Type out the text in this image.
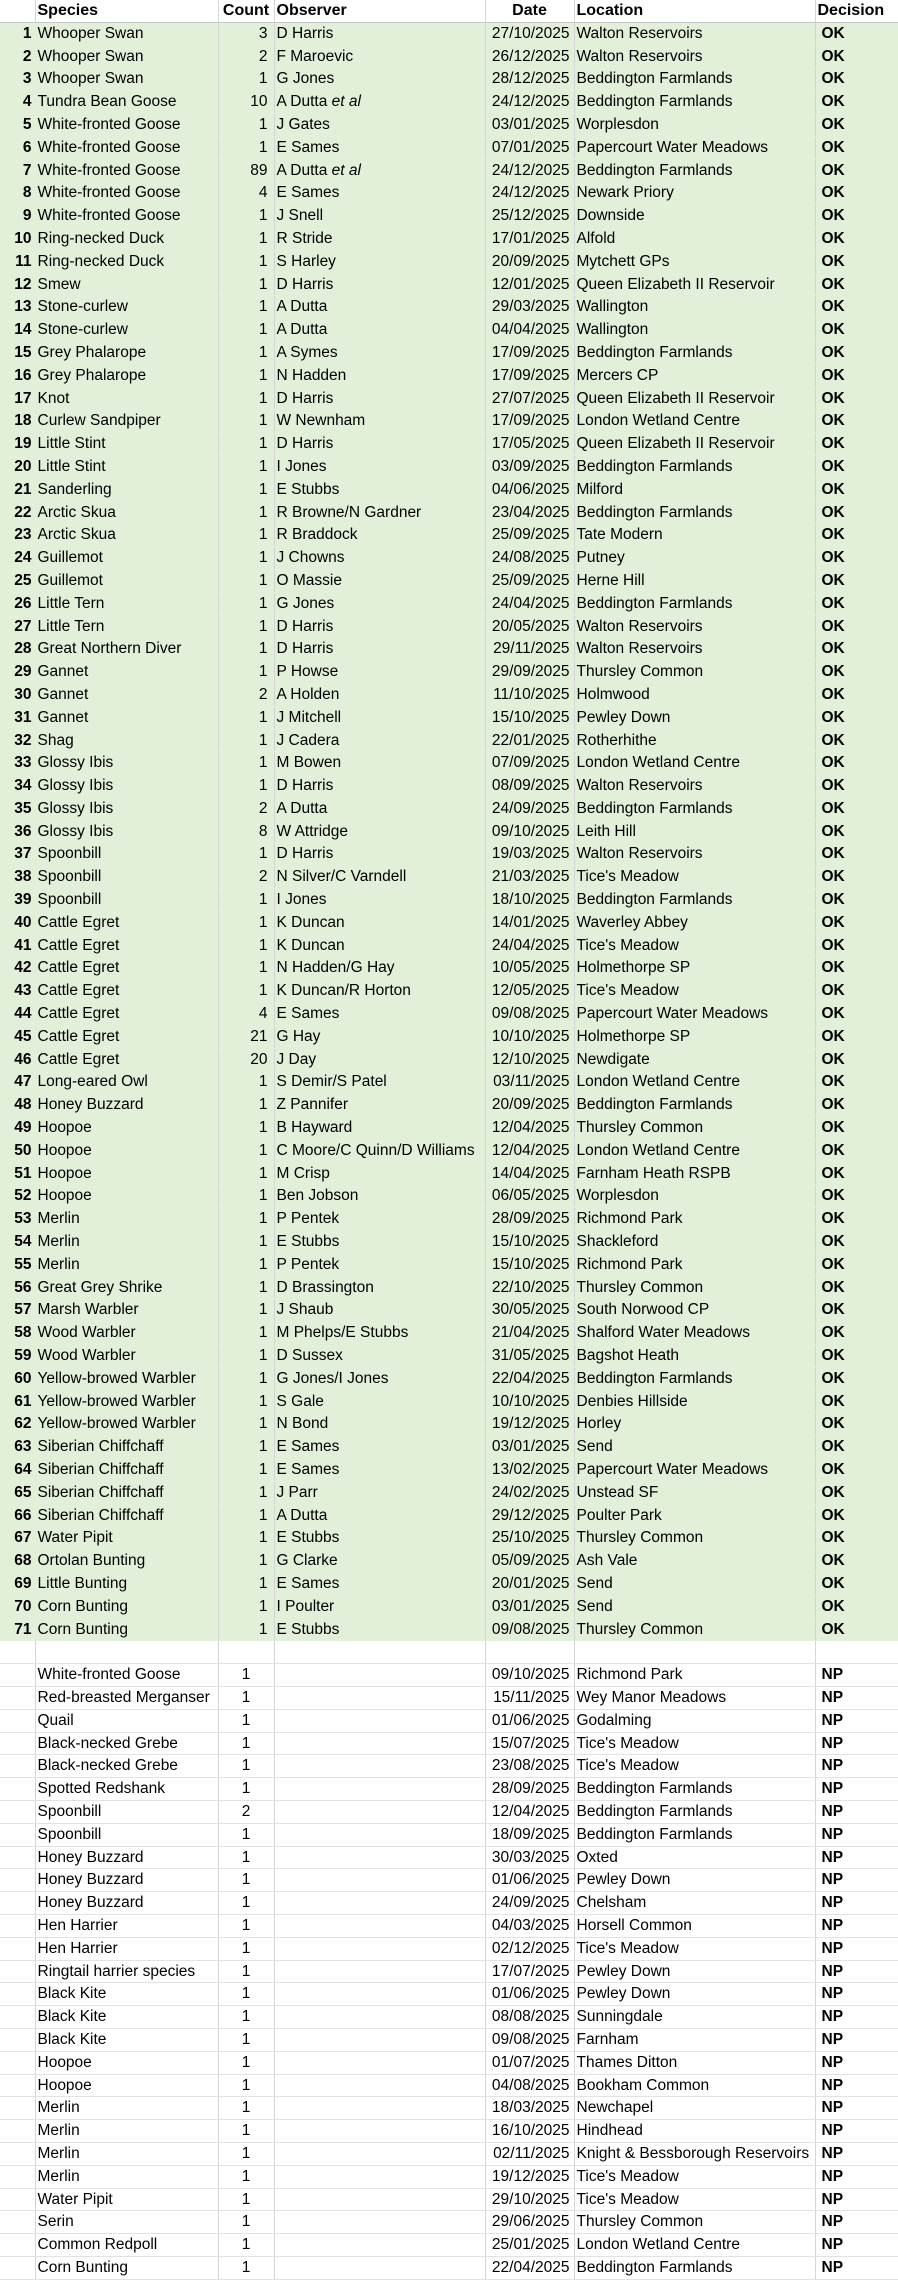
	Species	Count	Observer	Date	Location	Decision
1	Whooper Swan	3	D Harris	27/10/2025	Walton Reservoirs	OK
2	Whooper Swan	2	F Maroevic	26/12/2025	Walton Reservoirs	OK
3	Whooper Swan	1	G Jones	28/12/2025	Beddington Farmlands	OK
4	Tundra Bean Goose	10	A Dutta et al	24/12/2025	Beddington Farmlands	OK
5	White-fronted Goose	1	J Gates	03/01/2025	Worplesdon	OK
6	White-fronted Goose	1	E Sames	07/01/2025	Papercourt Water Meadows	OK
7	White-fronted Goose	89	A Dutta et al	24/12/2025	Beddington Farmlands	OK
8	White-fronted Goose	4	E Sames	24/12/2025	Newark Priory	OK
9	White-fronted Goose	1	J Snell	25/12/2025	Downside	OK
10	Ring-necked Duck	1	R Stride	17/01/2025	Alfold	OK
11	Ring-necked Duck	1	S Harley	20/09/2025	Mytchett GPs	OK
12	Smew	1	D Harris	12/01/2025	Queen Elizabeth II Reservoir	OK
13	Stone-curlew	1	A Dutta	29/03/2025	Wallington	OK
14	Stone-curlew	1	A Dutta	04/04/2025	Wallington	OK
15	Grey Phalarope	1	A Symes	17/09/2025	Beddington Farmlands	OK
16	Grey Phalarope	1	N Hadden	17/09/2025	Mercers CP	OK
17	Knot	1	D Harris	27/07/2025	Queen Elizabeth II Reservoir	OK
18	Curlew Sandpiper	1	W Newnham	17/09/2025	London Wetland Centre	OK
19	Little Stint	1	D Harris	17/05/2025	Queen Elizabeth II Reservoir	OK
20	Little Stint	1	I Jones	03/09/2025	Beddington Farmlands	OK
21	Sanderling	1	E Stubbs	04/06/2025	Milford	OK
22	Arctic Skua	1	R Browne/N Gardner	23/04/2025	Beddington Farmlands	OK
23	Arctic Skua	1	R Braddock	25/09/2025	Tate Modern	OK
24	Guillemot	1	J Chowns	24/08/2025	Putney	OK
25	Guillemot	1	O Massie	25/09/2025	Herne Hill	OK
26	Little Tern	1	G Jones	24/04/2025	Beddington Farmlands	OK
27	Little Tern	1	D Harris	20/05/2025	Walton Reservoirs	OK
28	Great Northern Diver	1	D Harris	29/11/2025	Walton Reservoirs	OK
29	Gannet	1	P Howse	29/09/2025	Thursley Common	OK
30	Gannet	2	A Holden	11/10/2025	Holmwood	OK
31	Gannet	1	J Mitchell	15/10/2025	Pewley Down	OK
32	Shag	1	J Cadera	22/01/2025	Rotherhithe	OK
33	Glossy Ibis	1	M Bowen	07/09/2025	London Wetland Centre	OK
34	Glossy Ibis	1	D Harris	08/09/2025	Walton Reservoirs	OK
35	Glossy Ibis	2	A Dutta	24/09/2025	Beddington Farmlands	OK
36	Glossy Ibis	8	W Attridge	09/10/2025	Leith Hill	OK
37	Spoonbill	1	D Harris	19/03/2025	Walton Reservoirs	OK
38	Spoonbill	2	N Silver/C Varndell	21/03/2025	Tice's Meadow	OK
39	Spoonbill	1	I Jones	18/10/2025	Beddington Farmlands	OK
40	Cattle Egret	1	K Duncan	14/01/2025	Waverley Abbey	OK
41	Cattle Egret	1	K Duncan	24/04/2025	Tice's Meadow	OK
42	Cattle Egret	1	N Hadden/G Hay	10/05/2025	Holmethorpe SP	OK
43	Cattle Egret	1	K Duncan/R Horton	12/05/2025	Tice's Meadow	OK
44	Cattle Egret	4	E Sames	09/08/2025	Papercourt Water Meadows	OK
45	Cattle Egret	21	G Hay	10/10/2025	Holmethorpe SP	OK
46	Cattle Egret	20	J Day	12/10/2025	Newdigate	OK
47	Long-eared Owl	1	S Demir/S Patel	03/11/2025	London Wetland Centre	OK
48	Honey Buzzard	1	Z Pannifer	20/09/2025	Beddington Farmlands	OK
49	Hoopoe	1	B Hayward	12/04/2025	Thursley Common	OK
50	Hoopoe	1	C Moore/C Quinn/D Williams	12/04/2025	London Wetland Centre	OK
51	Hoopoe	1	M Crisp	14/04/2025	Farnham Heath RSPB	OK
52	Hoopoe	1	Ben Jobson	06/05/2025	Worplesdon	OK
53	Merlin	1	P Pentek	28/09/2025	Richmond Park	OK
54	Merlin	1	E Stubbs	15/10/2025	Shackleford	OK
55	Merlin	1	P Pentek	15/10/2025	Richmond Park	OK
56	Great Grey Shrike	1	D Brassington	22/10/2025	Thursley Common	OK
57	Marsh Warbler	1	J Shaub	30/05/2025	South Norwood CP	OK
58	Wood Warbler	1	M Phelps/E Stubbs	21/04/2025	Shalford Water Meadows	OK
59	Wood Warbler	1	D Sussex	31/05/2025	Bagshot Heath	OK
60	Yellow-browed Warbler	1	G Jones/I Jones	22/04/2025	Beddington Farmlands	OK
61	Yellow-browed Warbler	1	S Gale	10/10/2025	Denbies Hillside	OK
62	Yellow-browed Warbler	1	N Bond	19/12/2025	Horley	OK
63	Siberian Chiffchaff	1	E Sames	03/01/2025	Send	OK
64	Siberian Chiffchaff	1	E Sames	13/02/2025	Papercourt Water Meadows	OK
65	Siberian Chiffchaff	1	J Parr	24/02/2025	Unstead SF	OK
66	Siberian Chiffchaff	1	A Dutta	29/12/2025	Poulter Park	OK
67	Water Pipit	1	E Stubbs	25/10/2025	Thursley Common	OK
68	Ortolan Bunting	1	G Clarke	05/09/2025	Ash Vale	OK
69	Little Bunting	1	E Sames	20/01/2025	Send	OK
70	Corn Bunting	1	I Poulter	03/01/2025	Send	OK
71	Corn Bunting	1	E Stubbs	09/08/2025	Thursley Common	OK

	White-fronted Goose	1		09/10/2025	Richmond Park	NP
	Red-breasted Merganser	1		15/11/2025	Wey Manor Meadows	NP
	Quail	1		01/06/2025	Godalming	NP
	Black-necked Grebe	1		15/07/2025	Tice's Meadow	NP
	Black-necked Grebe	1		23/08/2025	Tice's Meadow	NP
	Spotted Redshank	1		28/09/2025	Beddington Farmlands	NP
	Spoonbill	2		12/04/2025	Beddington Farmlands	NP
	Spoonbill	1		18/09/2025	Beddington Farmlands	NP
	Honey Buzzard	1		30/03/2025	Oxted	NP
	Honey Buzzard	1		01/06/2025	Pewley Down	NP
	Honey Buzzard	1		24/09/2025	Chelsham	NP
	Hen Harrier	1		04/03/2025	Horsell Common	NP
	Hen Harrier	1		02/12/2025	Tice's Meadow	NP
	Ringtail harrier species	1		17/07/2025	Pewley Down	NP
	Black Kite	1		01/06/2025	Pewley Down	NP
	Black Kite	1		08/08/2025	Sunningdale	NP
	Black Kite	1		09/08/2025	Farnham	NP
	Hoopoe	1		01/07/2025	Thames Ditton	NP
	Hoopoe	1		04/08/2025	Bookham Common	NP
	Merlin	1		18/03/2025	Newchapel	NP
	Merlin	1		16/10/2025	Hindhead	NP
	Merlin	1		02/11/2025	Knight & Bessborough Reservoirs	NP
	Merlin	1		19/12/2025	Tice's Meadow	NP
	Water Pipit	1		29/10/2025	Tice's Meadow	NP
	Serin	1		29/06/2025	Thursley Common	NP
	Common Redpoll	1		25/01/2025	London Wetland Centre	NP
	Corn Bunting	1		22/04/2025	Beddington Farmlands	NP
